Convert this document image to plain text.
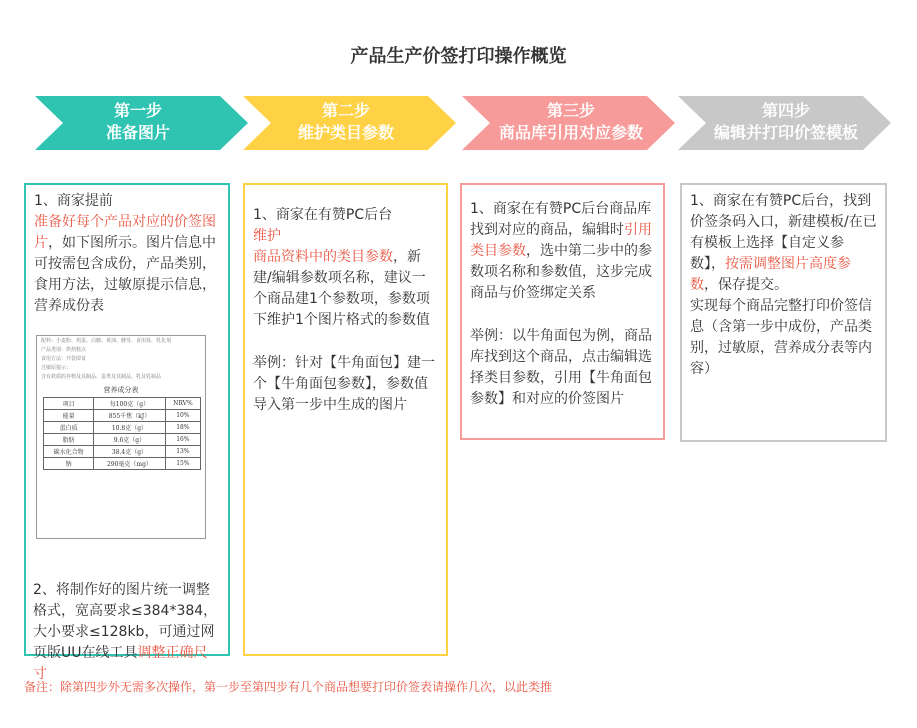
产品生产价签打印操作概览
第一步
准备图片
第二步
维护类目参数
第三步
商品库引用对应参数
第四步
编辑并打印价签模板
1、商家提前
准备好每个产品对应的价签图片，如下图所示。图片信息中可按需包含成份，产品类别，食用方法，过敏原提示信息，营养成份表
配料：小麦粉、鸡蛋、白糖、黄油、酵母、食用盐、乳化剂
产品类别：烘焙糕点
食用方法：开袋即食
过敏原提示：
含有麸质的谷物及其制品、蛋类及其制品、乳及乳制品
营养成分表
项目	每100克（g）	NRV%
能量	855千焦（kJ）	10%
蛋白质	10.8克（g）	18%
脂肪	9.6克（g）	16%
碳水化合物	38.4克（g）	13%
钠	290毫克（mg）	15%
2、将制作好的图片统一调整格式，宽高要求≤384*384，大小要求≤128kb，可通过网页版UU在线工具调整正确尺寸
1、商家在有赞PC后台
维护
商品资料中的类目参数，新建/编辑参数项名称，建议一个商品建1个参数项，参数项下维护1个图片格式的参数值
举例：针对【牛角面包】建一个【牛角面包参数】，参数值导入第一步中生成的图片
1、商家在有赞PC后台商品库找到对应的商品，编辑时引用类目参数，选中第二步中的参数项名称和参数值，这步完成商品与价签绑定关系
举例：以牛角面包为例，商品库找到这个商品，点击编辑选择类目参数，引用【牛角面包参数】和对应的价签图片
1、商家在有赞PC后台，找到价签条码入口，新建模板/在已有模板上选择【自定义参数】，按需调整图片高度参数，保存提交。
实现每个商品完整打印价签信息（含第一步中成份，产品类别，过敏原，营养成分表等内容）
备注：除第四步外无需多次操作，第一步至第四步有几个商品想要打印价签表请操作几次，以此类推
